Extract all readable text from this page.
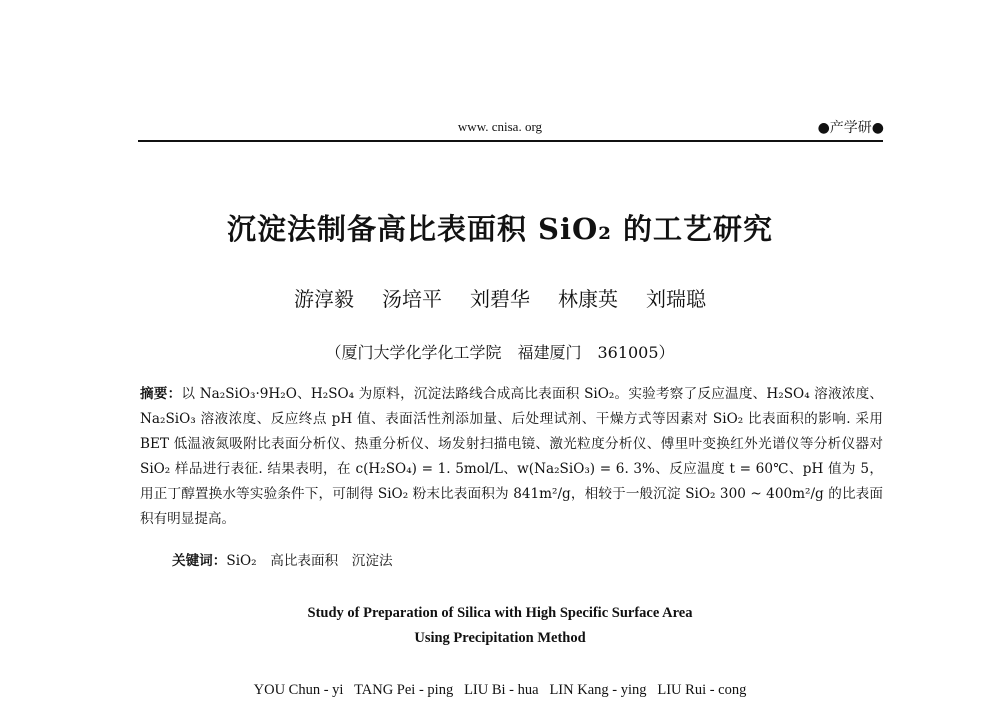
www. cnisa. org	●产学研●
沉淀法制备高比表面积 SiO₂ 的工艺研究
游淳毅 汤培平 刘碧华 林康英 刘瑞聪
（厦门大学化学化工学院　福建厦门　361005）
摘要：以 Na₂SiO₃·9H₂O、H₂SO₄ 为原料，沉淀法路线合成高比表面积 SiO₂。实验考察了反应温度、H₂SO₄ 溶液浓度、Na₂SiO₃ 溶液浓度、反应终点 pH 值、表面活性剂添加量、后处理试剂、干燥方式等因素对 SiO₂ 比表面积的影响. 采用 BET 低温液氮吸附比表面分析仪、热重分析仪、场发射扫描电镜、激光粒度分析仪、傅里叶变换红外光谱仪等分析仪器对 SiO₂ 样品进行表征. 结果表明，在 c(H₂SO₄) = 1. 5mol/L、w(Na₂SiO₃) = 6. 3%、反应温度 t = 60℃、pH 值为 5，用正丁醇置换水等实验条件下，可制得 SiO₂ 粉末比表面积为 841m²/g，相较于一般沉淀 SiO₂ 300 ~ 400m²/g 的比表面积有明显提高。
关键词：SiO₂　高比表面积　沉淀法
Study of Preparation of Silica with High Specific Surface Area
Using Precipitation Method
YOU Chun - yi   TANG Pei - ping   LIU Bi - hua   LIN Kang - ying   LIU Rui - cong
